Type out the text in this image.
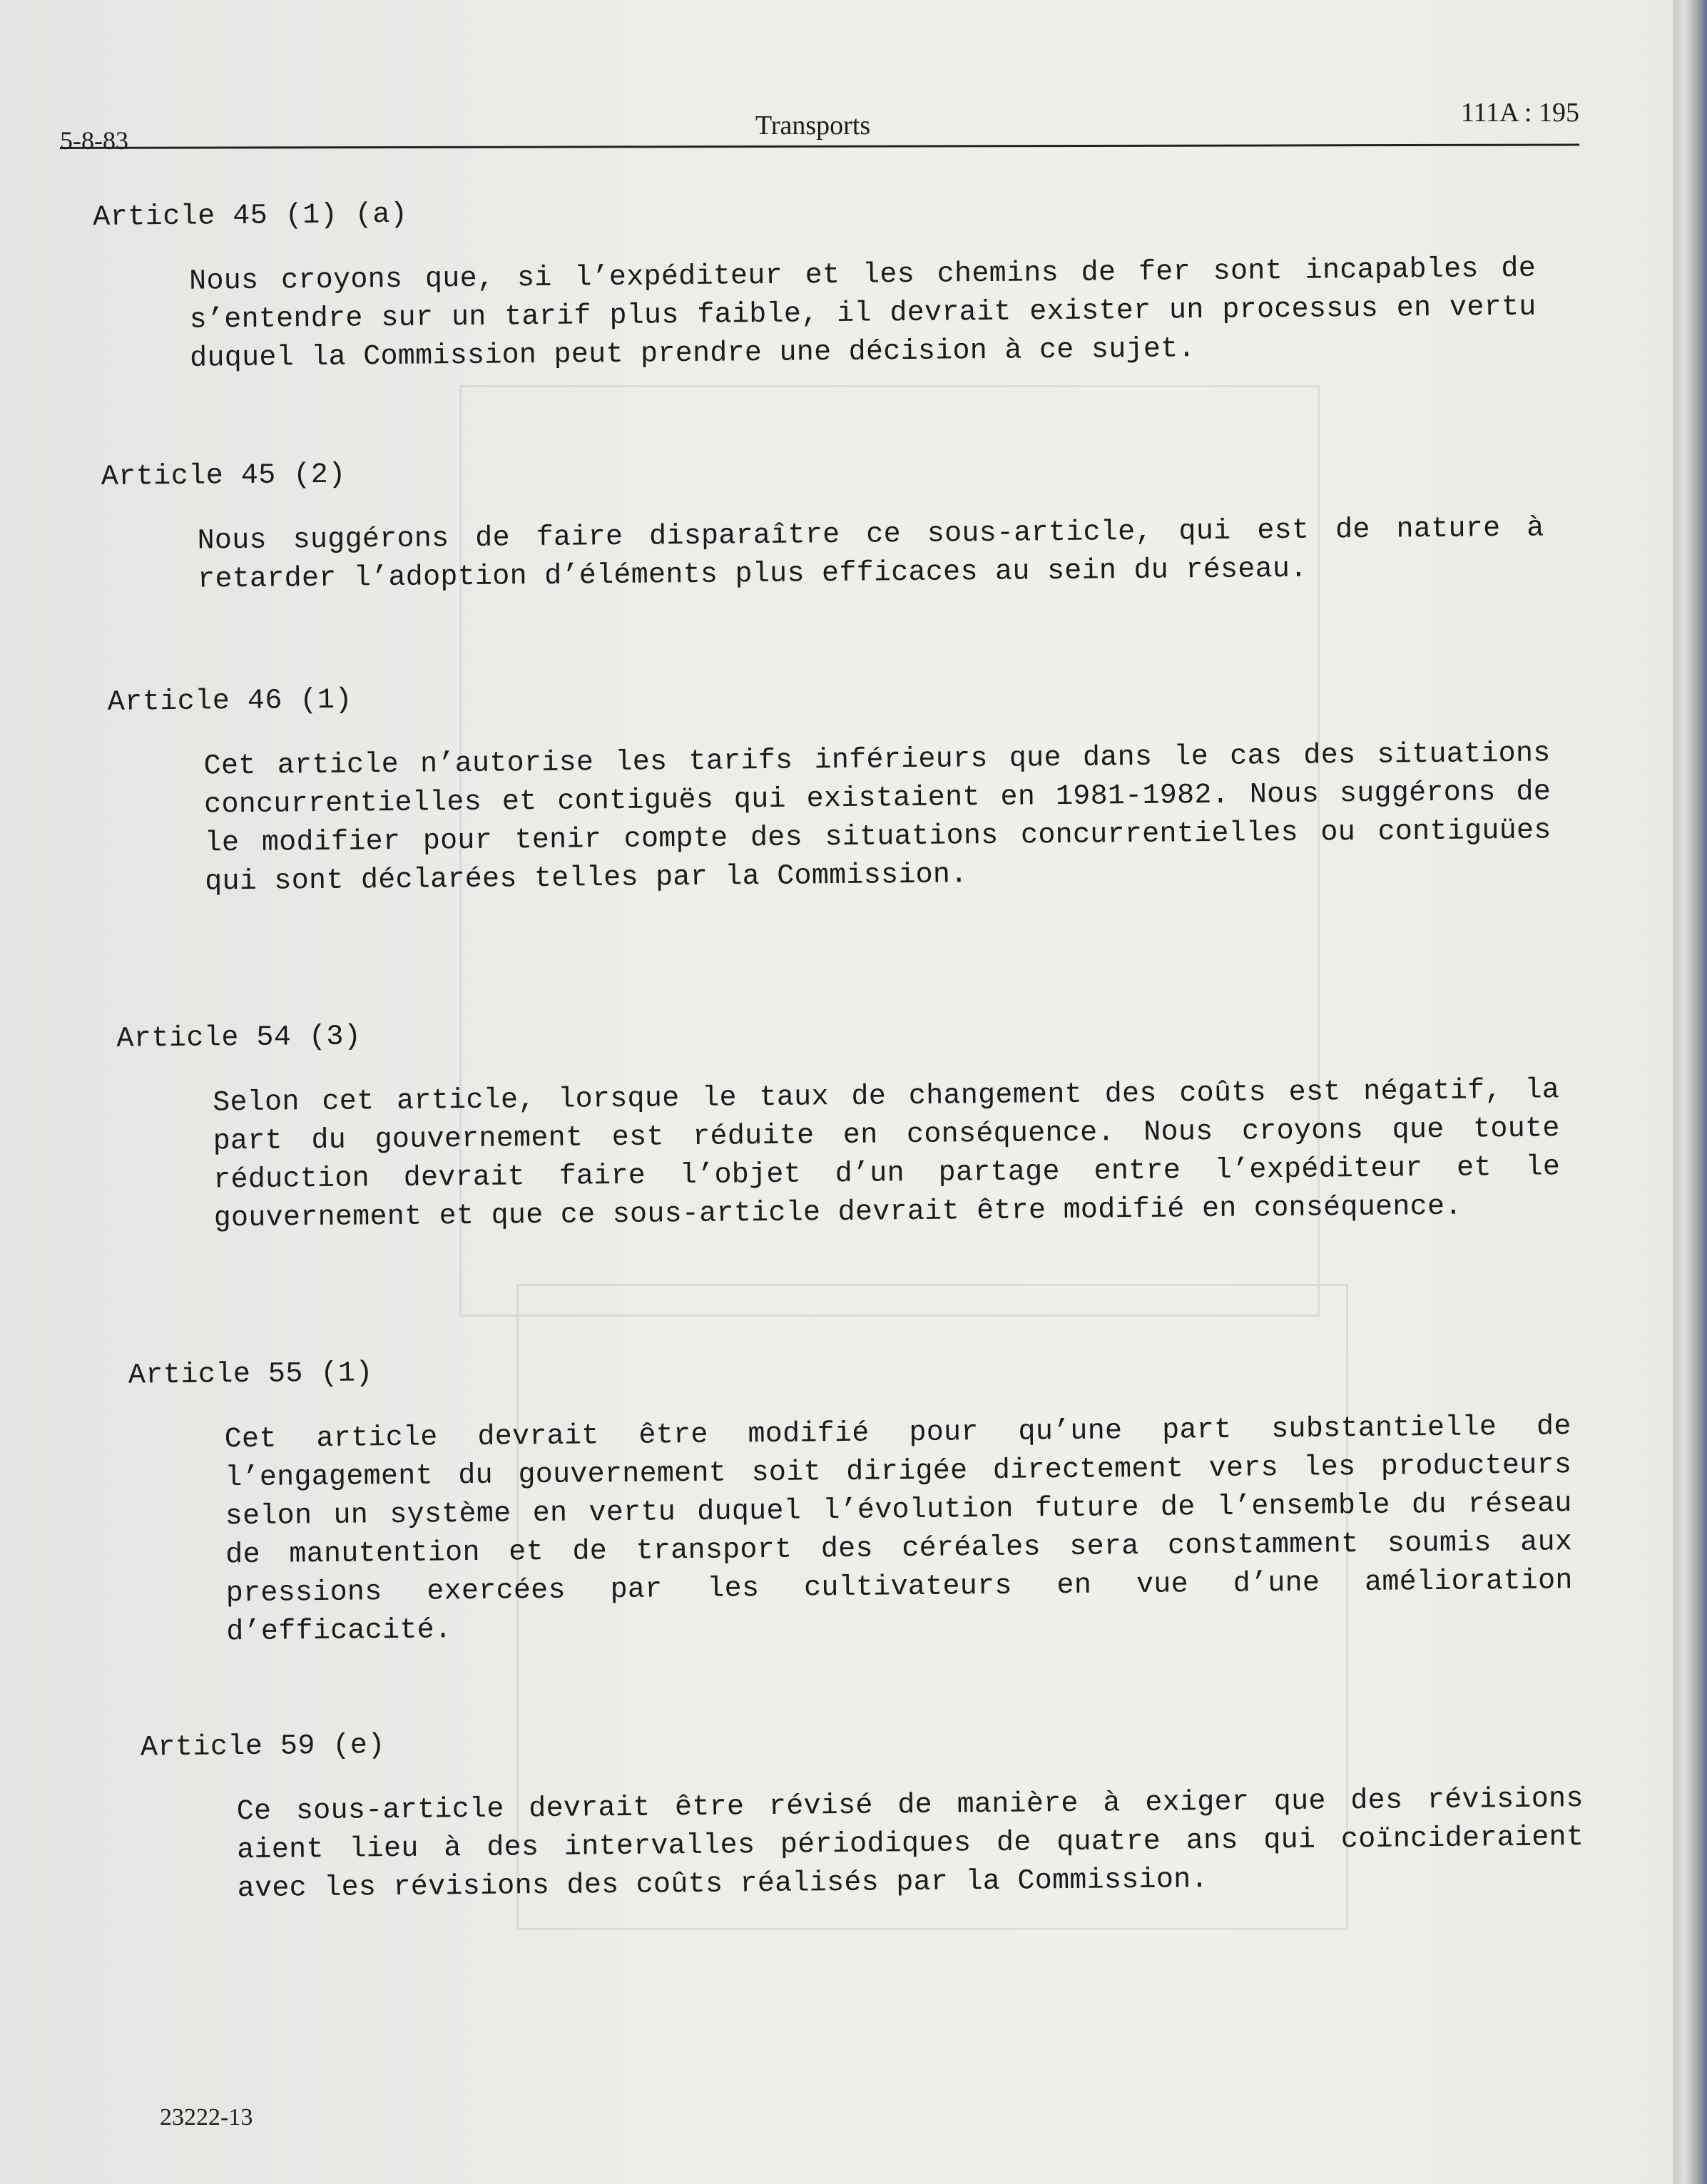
5-8-83	Transports	111A : 195

Article 45 (1) (a)

Nous croyons que, si l’expéditeur et les chemins de fer sont incapables de s’entendre sur un tarif plus faible, il devrait exister un processus en vertu duquel la Commission peut prendre une décision à ce sujet.

Article 45 (2)

Nous suggérons de faire disparaître ce sous-article, qui est de nature à retarder l’adoption d’éléments plus efficaces au sein du réseau.

Article 46 (1)

Cet article n’autorise les tarifs inférieurs que dans le cas des situations concurrentielles et contiguës qui existaient en 1981-1982. Nous suggérons de le modifier pour tenir compte des situations concurrentielles ou contiguües qui sont déclarées telles par la Commission.

Article 54 (3)

Selon cet article, lorsque le taux de changement des coûts est négatif, la part du gouvernement est réduite en conséquence. Nous croyons que toute réduction devrait faire l’objet d’un partage entre l’expéditeur et le gouvernement et que ce sous-article devrait être modifié en conséquence.

Article 55 (1)

Cet article devrait être modifié pour qu’une part substantielle de l’engagement du gouvernement soit dirigée directement vers les producteurs selon un système en vertu duquel l’évolution future de l’ensemble du réseau de manutention et de transport des céréales sera constamment soumis aux pressions exercées par les cultivateurs en vue d’une amélioration d’efficacité.

Article 59 (e)

Ce sous-article devrait être révisé de manière à exiger que des révisions aient lieu à des intervalles périodiques de quatre ans qui coïncideraient avec les révisions des coûts réalisés par la Commission.

23222-13
